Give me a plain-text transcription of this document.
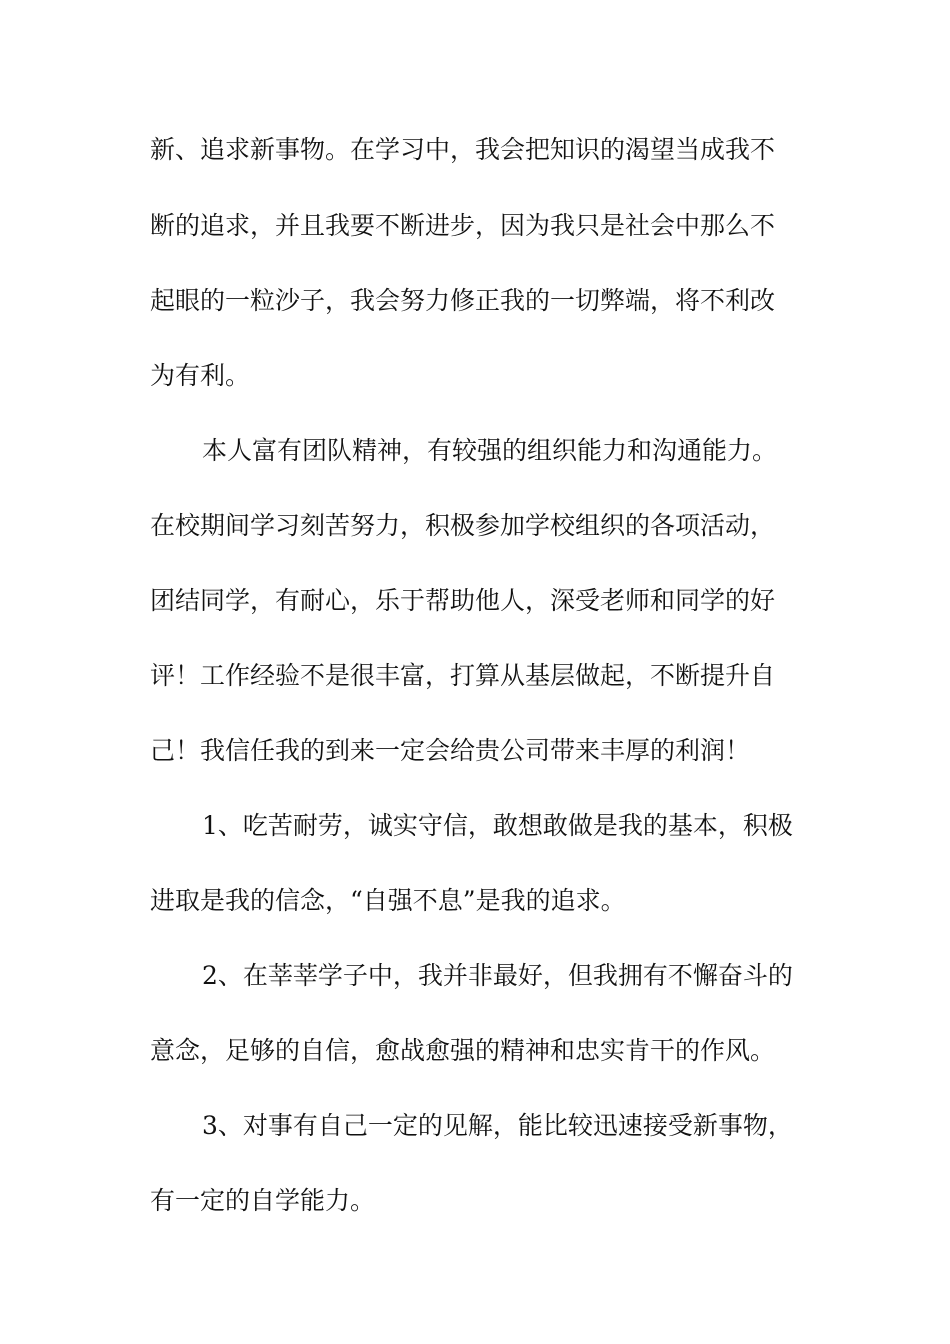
新、追求新事物。在学习中，我会把知识的渴望当成我不
断的追求，并且我要不断进步，因为我只是社会中那么不
起眼的一粒沙子，我会努力修正我的一切弊端，将不利改
为有利。
本人富有团队精神，有较强的组织能力和沟通能力。
在校期间学习刻苦努力，积极参加学校组织的各项活动，
团结同学，有耐心，乐于帮助他人，深受老师和同学的好
评！工作经验不是很丰富，打算从基层做起，不断提升自
己！我信任我的到来一定会给贵公司带来丰厚的利润！
1、吃苦耐劳，诚实守信，敢想敢做是我的基本，积极
进取是我的信念，“自强不息”是我的追求。
2、在莘莘学子中，我并非最好，但我拥有不懈奋斗的
意念，足够的自信，愈战愈强的精神和忠实肯干的作风。
3、对事有自己一定的见解，能比较迅速接受新事物，
有一定的自学能力。
